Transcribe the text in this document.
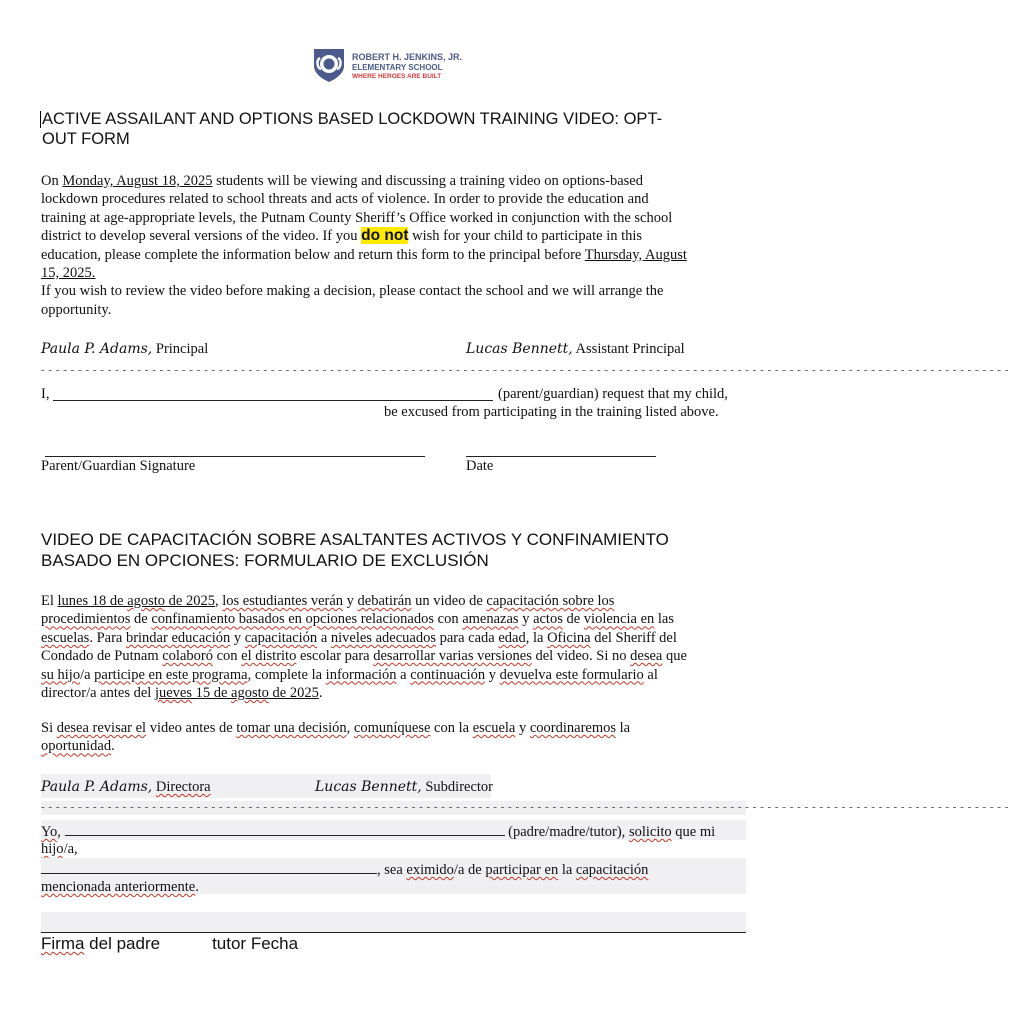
ROBERT H. JENKINS, JR.
ELEMENTARY SCHOOL
WHERE HEROES ARE BUILT
ACTIVE ASSAILANT AND OPTIONS BASED LOCKDOWN TRAINING VIDEO: OPT-
OUT FORM
On Monday, August 18, 2025 students will be viewing and discussing a training video on options-based
lockdown procedures related to school threats and acts of violence. In order to provide the education and
training at age-appropriate levels, the Putnam County Sheriff’s Office worked in conjunction with the school
district to develop several versions of the video. If you do not wish for your child to participate in this
education, please complete the information below and return this form to the principal before Thursday, August
15, 2025.
If you wish to review the video before making a decision, please contact the school and we will arrange the
opportunity.
Paula P. Adams, Principal	Lucas Bennett, Assistant Principal
- - - - - - - - - - - - - - - - - - - - - - - - - - - - - - - - - - - - - - - - - - - - - - - - - - - - - - - - - - - - - - - - - - - - - - - - - - - - - - - - - - - - - - - - - - - - - - - - - - - - - - - - - - - - - - - - - - - - - - - - - - - - - - - - - - -
I,	(parent/guardian) request that my child,
be excused from participating in the training listed above.
Parent/Guardian Signature	Date
VIDEO DE CAPACITACIÓN SOBRE ASALTANTES ACTIVOS Y CONFINAMIENTO
BASADO EN OPCIONES: FORMULARIO DE EXCLUSIÓN
El lunes 18 de agosto de 2025, los estudiantes verán y debatirán un video de capacitación sobre los
procedimientos de confinamiento basados en opciones relacionados con amenazas y actos de violencia en las
escuelas. Para brindar educación y capacitación a niveles adecuados para cada edad, la Oficina del Sheriff del
Condado de Putnam colaboró con el distrito escolar para desarrollar varias versiones del video. Si no desea que
su hijo/a participe en este programa, complete la información a continuación y devuelva este formulario al
director/a antes del jueves 15 de agosto de 2025.
Si desea revisar el video antes de tomar una decisión, comuníquese con la escuela y coordinaremos la
oportunidad.
Paula P. Adams, Directora	Lucas Bennett, Subdirector
- - - - - - - - - - - - - - - - - - - - - - - - - - - - - - - - - - - - - - - - - - - - - - - - - - - - - - - - - - - - - - - - - - - - - - - - - - - - - - - - - - - - - - - - - - - - - - - - - - - - - - - - - - - - - - - - - - - - - - - - - - - - - - - - - - -
Yo,	(padre/madre/tutor), solicito que mi
hijo/a,
, sea eximido/a de participar en la capacitación
mencionada anteriormente.
Firma del padre	tutor Fecha
